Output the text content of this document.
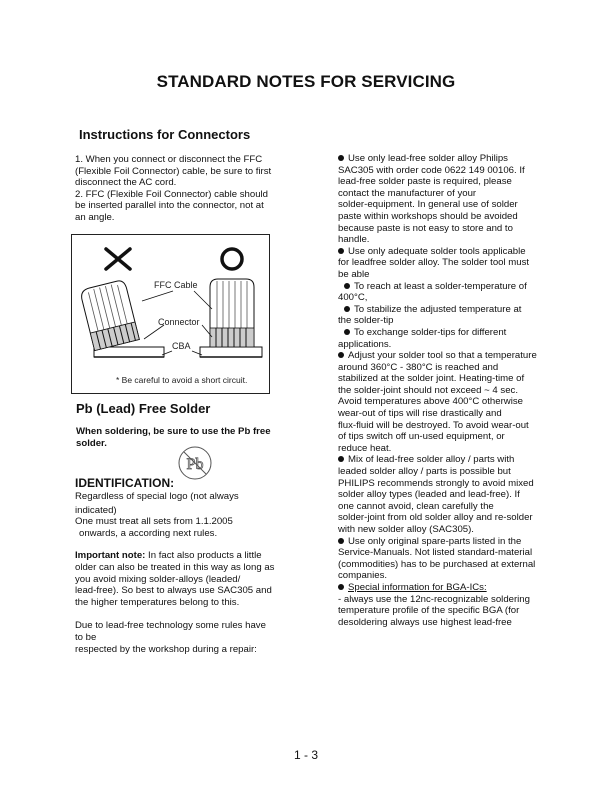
STANDARD NOTES FOR SERVICING
Instructions for Connectors

1. When you connect or disconnect the FFC

(Flexible Foil Connector) cable, be sure to first

disconnect the AC cord.

2. FFC (Flexible Foil Connector) cable should

be inserted parallel into the connector, not at

an angle.

FFC Cable
Connector
CBA
* Be careful to avoid a short circuit.
Pb (Lead) Free Solder

When soldering, be sure to use the Pb free

solder.

Pb
IDENTIFICATION:

Regardless of special logo (not always

indicated)

One must treat all sets from 1.1.2005

onwards, a according next rules.

Important note: In fact also products a little

older can also be treated in this way as long as

you avoid mixing solder-alloys (leaded/

lead-free). So best to always use SAC305 and

the higher temperatures belong to this.

Due to lead-free technology some rules have

to be

respected by the workshop during a repair:

Use only lead-free solder alloy Philips

SAC305 with order code 0622 149 00106. If

lead-free solder paste is required, please

contact the manufacturer of your

solder-equipment. In general use of solder

paste within workshops should be avoided

because paste is not easy to store and to

handle.

Use only adequate solder tools applicable

for leadfree solder alloy. The solder tool must

be able

To reach at least a solder-temperature of

400°C,

To stabilize the adjusted temperature at

the solder-tip

To exchange solder-tips for different

applications.

Adjust your solder tool so that a temperature

around 360°C - 380°C is reached and

stabilized at the solder joint. Heating-time of

the solder-joint should not exceed ~ 4 sec.

Avoid temperatures above 400°C otherwise

wear-out of tips will rise drastically and

flux-fluid will be destroyed. To avoid wear-out

of tips switch off un-used equipment, or

reduce heat.

Mix of lead-free solder alloy / parts with

leaded solder alloy / parts is possible but

PHILIPS recommends strongly to avoid mixed

solder alloy types (leaded and lead-free). If

one cannot avoid, clean carefully the

solder-joint from old solder alloy and re-solder

with new solder alloy (SAC305).

Use only original spare-parts listed in the

Service-Manuals. Not listed standard-material

(commodities) has to be purchased at external

companies.

Special information for BGA-ICs:

- always use the 12nc-recognizable soldering

temperature profile of the specific BGA (for

desoldering always use highest lead-free

1 - 3
